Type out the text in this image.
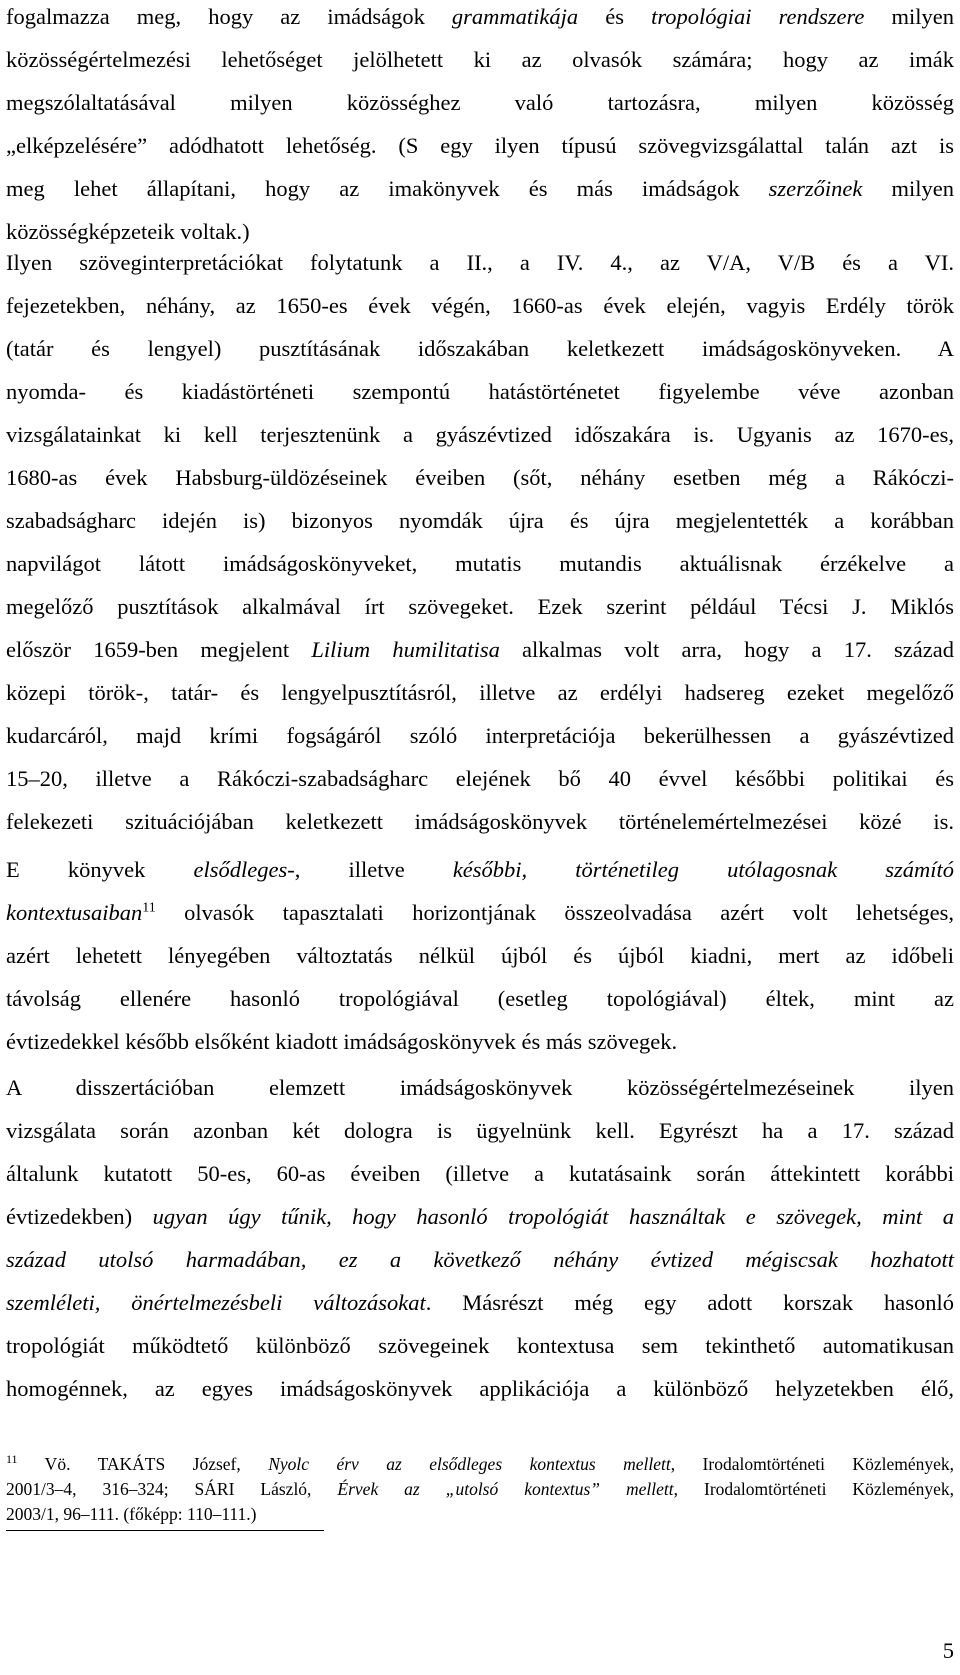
fogalmazza meg, hogy az imádságok grammatikája és tropológiai rendszere milyen
közösségértelmezési lehetőséget jelölhetett ki az olvasók számára; hogy az imák
megszólaltatásával milyen közösséghez való tartozásra, milyen közösség
„elképzelésére” adódhatott lehetőség. (S egy ilyen típusú szövegvizsgálattal talán azt is
meg lehet állapítani, hogy az imakönyvek és más imádságok szerzőinek milyen
közösségképzeteik voltak.)
Ilyen szöveginterpretációkat folytatunk a II., a IV. 4., az V/A, V/B és a VI.
fejezetekben, néhány, az 1650-es évek végén, 1660-as évek elején, vagyis Erdély török
(tatár és lengyel) pusztításának időszakában keletkezett imádságoskönyveken. A
nyomda- és kiadástörténeti szempontú hatástörténetet figyelembe véve azonban
vizsgálatainkat ki kell terjesztenünk a gyászévtized időszakára is. Ugyanis az 1670-es,
1680-as évek Habsburg-üldözéseinek éveiben (sőt, néhány esetben még a Rákóczi-
szabadságharc idején is) bizonyos nyomdák újra és újra megjelentették a korábban
napvilágot látott imádságoskönyveket, mutatis mutandis aktuálisnak érzékelve a
megelőző pusztítások alkalmával írt szövegeket. Ezek szerint például Técsi J. Miklós
először 1659-ben megjelent Lilium humilitatisa alkalmas volt arra, hogy a 17. század
közepi török-, tatár- és lengyelpusztításról, illetve az erdélyi hadsereg ezeket megelőző
kudarcáról, majd krími fogságáról szóló interpretációja bekerülhessen a gyászévtized
15–20, illetve a Rákóczi-szabadságharc elejének bő 40 évvel későbbi politikai és
felekezeti szituációjában keletkezett imádságoskönyvek történelemértelmezései közé is.
E könyvek elsődleges-, illetve későbbi, történetileg utólagosnak számító
kontextusaiban$^{11}$ olvasók tapasztalati horizontjának összeolvadása azért volt lehetséges,
azért lehetett lényegében változtatás nélkül újból és újból kiadni, mert az időbeli
távolság ellenére hasonló tropológiával (esetleg topológiával) éltek, mint az
évtizedekkel később elsőként kiadott imádságoskönyvek és más szövegek.
A disszertációban elemzett imádságoskönyvek közösségértelmezéseinek ilyen
vizsgálata során azonban két dologra is ügyelnünk kell. Egyrészt ha a 17. század
általunk kutatott 50-es, 60-as éveiben (illetve a kutatásaink során áttekintett korábbi
évtizedekben) ugyan úgy tűnik, hogy hasonló tropológiát használtak e szövegek, mint a
század utolsó harmadában, ez a következő néhány évtized mégiscsak hozhatott
szemléleti, önértelmezésbeli változásokat. Másrészt még egy adott korszak hasonló
tropológiát működtető különböző szövegeinek kontextusa sem tekinthető automatikusan
homogénnek, az egyes imádságoskönyvek applikációja a különböző helyzetekben élő,
$^{11}$ Vö. TAKÁTS József, Nyolc érv az elsődleges kontextus mellett, Irodalomtörténeti Közlemények,
2001/3–4, 316–324; SÁRI László, Érvek az „utolsó kontextus” mellett, Irodalomtörténeti Közlemények,
2003/1, 96–111. (főképp: 110–111.)
5
